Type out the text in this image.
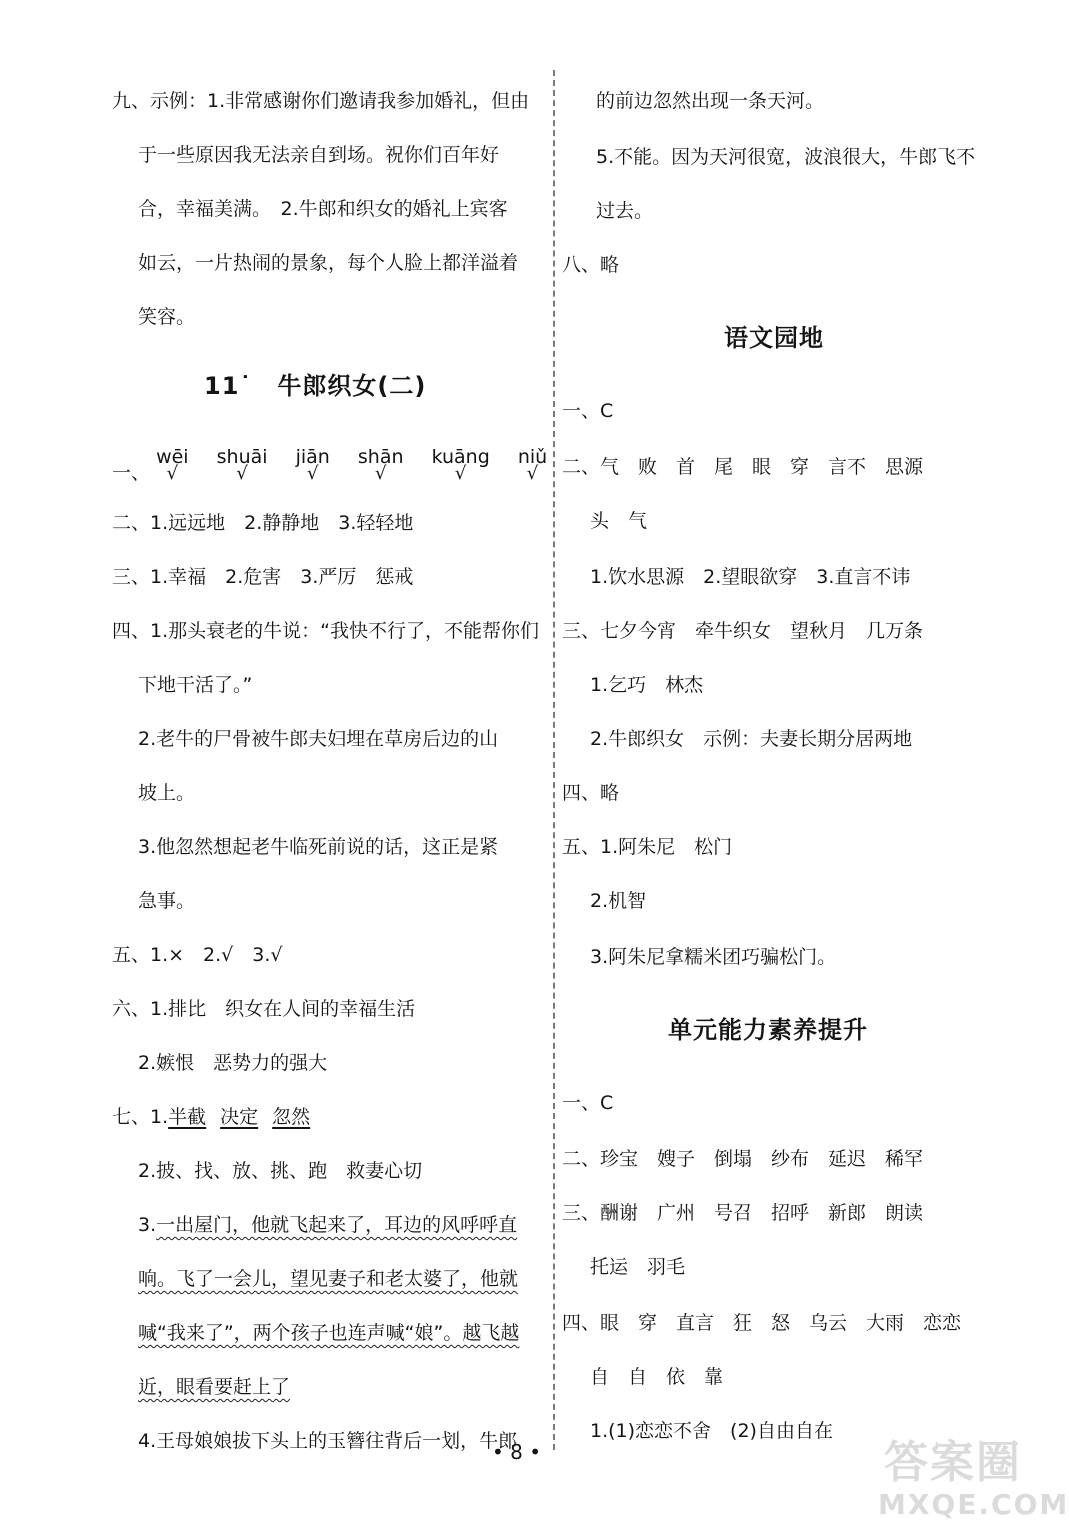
九、示例：1.非常感谢你们邀请我参加婚礼，但由
于一些原因我无法亲自到场。祝你们百年好
合，幸福美满。　2.牛郎和织女的婚礼上宾客
如云，一片热闹的景象，每个人脸上都洋溢着
笑容。
11˙　牛郎织女(二)
一、 wēi
√
shuāi
√
jiān
√
shān
√
kuāng
√
niǔ
√
二、1.远远地　2.静静地　3.轻轻地
三、1.幸福　2.危害　3.严厉　惩戒
四、1.那头衰老的牛说：“我快不行了，不能帮你们
下地干活了。”
2.老牛的尸骨被牛郎夫妇埋在草房后边的山
坡上。
3.他忽然想起老牛临死前说的话，这正是紧
急事。
五、1.×　2.√　3.√
六、1.排比　织女在人间的幸福生活
2.嫉恨　恶势力的强大
七、1.半截 决定 忽然
2.披、找、放、挑、跑　救妻心切
3.一出屋门，他就飞起来了，耳边的风呼呼直
响。飞了一会儿，望见妻子和老太婆了，他就
喊“我来了”，两个孩子也连声喊“娘”。越飞越
近，眼看要赶上了
4.王母娘娘拔下头上的玉簪往背后一划，牛郎
的前边忽然出现一条天河。
5.不能。因为天河很宽，波浪很大，牛郎飞不
过去。
八、略
语文园地
一、C
二、气　败　首　尾　眼　穿　言不　思源
头　气
1.饮水思源　2.望眼欲穿　3.直言不讳
三、七夕今宵　牵牛织女　望秋月　几万条
1.乞巧　林杰
2.牛郎织女　示例：夫妻长期分居两地
四、略
五、1.阿朱尼　松门
2.机智
3.阿朱尼拿糯米团巧骗松门。
单元能力素养提升
一、C
二、珍宝　嫂子　倒塌　纱布　延迟　稀罕
三、酬谢　广州　号召　招呼　新郎　朗读
托运　羽毛
四、眼　穿　直言　狂　怒　乌云　大雨　恋恋
自　自　依　靠
1.(1)恋恋不舍　(2)自由自在
• 8 •	答案圈
MXQE.COM
